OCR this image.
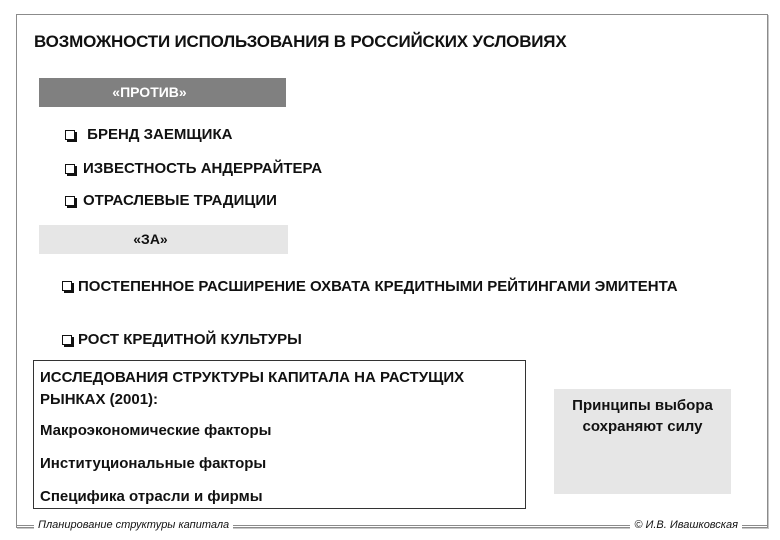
ВОЗМОЖНОСТИ ИСПОЛЬЗОВАНИЯ В РОССИЙСКИХ УСЛОВИЯХ
«ПРОТИВ»
БРЕНД ЗАЕМЩИКА
ИЗВЕСТНОСТЬ АНДЕРРАЙТЕРА
ОТРАСЛЕВЫЕ ТРАДИЦИИ
«ЗА»
ПОСТЕПЕННОЕ РАСШИРЕНИЕ ОХВАТА КРЕДИТНЫМИ РЕЙТИНГАМИ ЭМИТЕНТА
РОСТ КРЕДИТНОЙ КУЛЬТУРЫ
ИССЛЕДОВАНИЯ СТРУКТУРЫ КАПИТАЛА НА РАСТУЩИХ РЫНКАХ (2001):
Макроэкономические факторы
Институциональные факторы
Специфика отрасли и фирмы
Принципы выбора сохраняют силу
Планирование структуры капитала	© И.В. Ивашковская
